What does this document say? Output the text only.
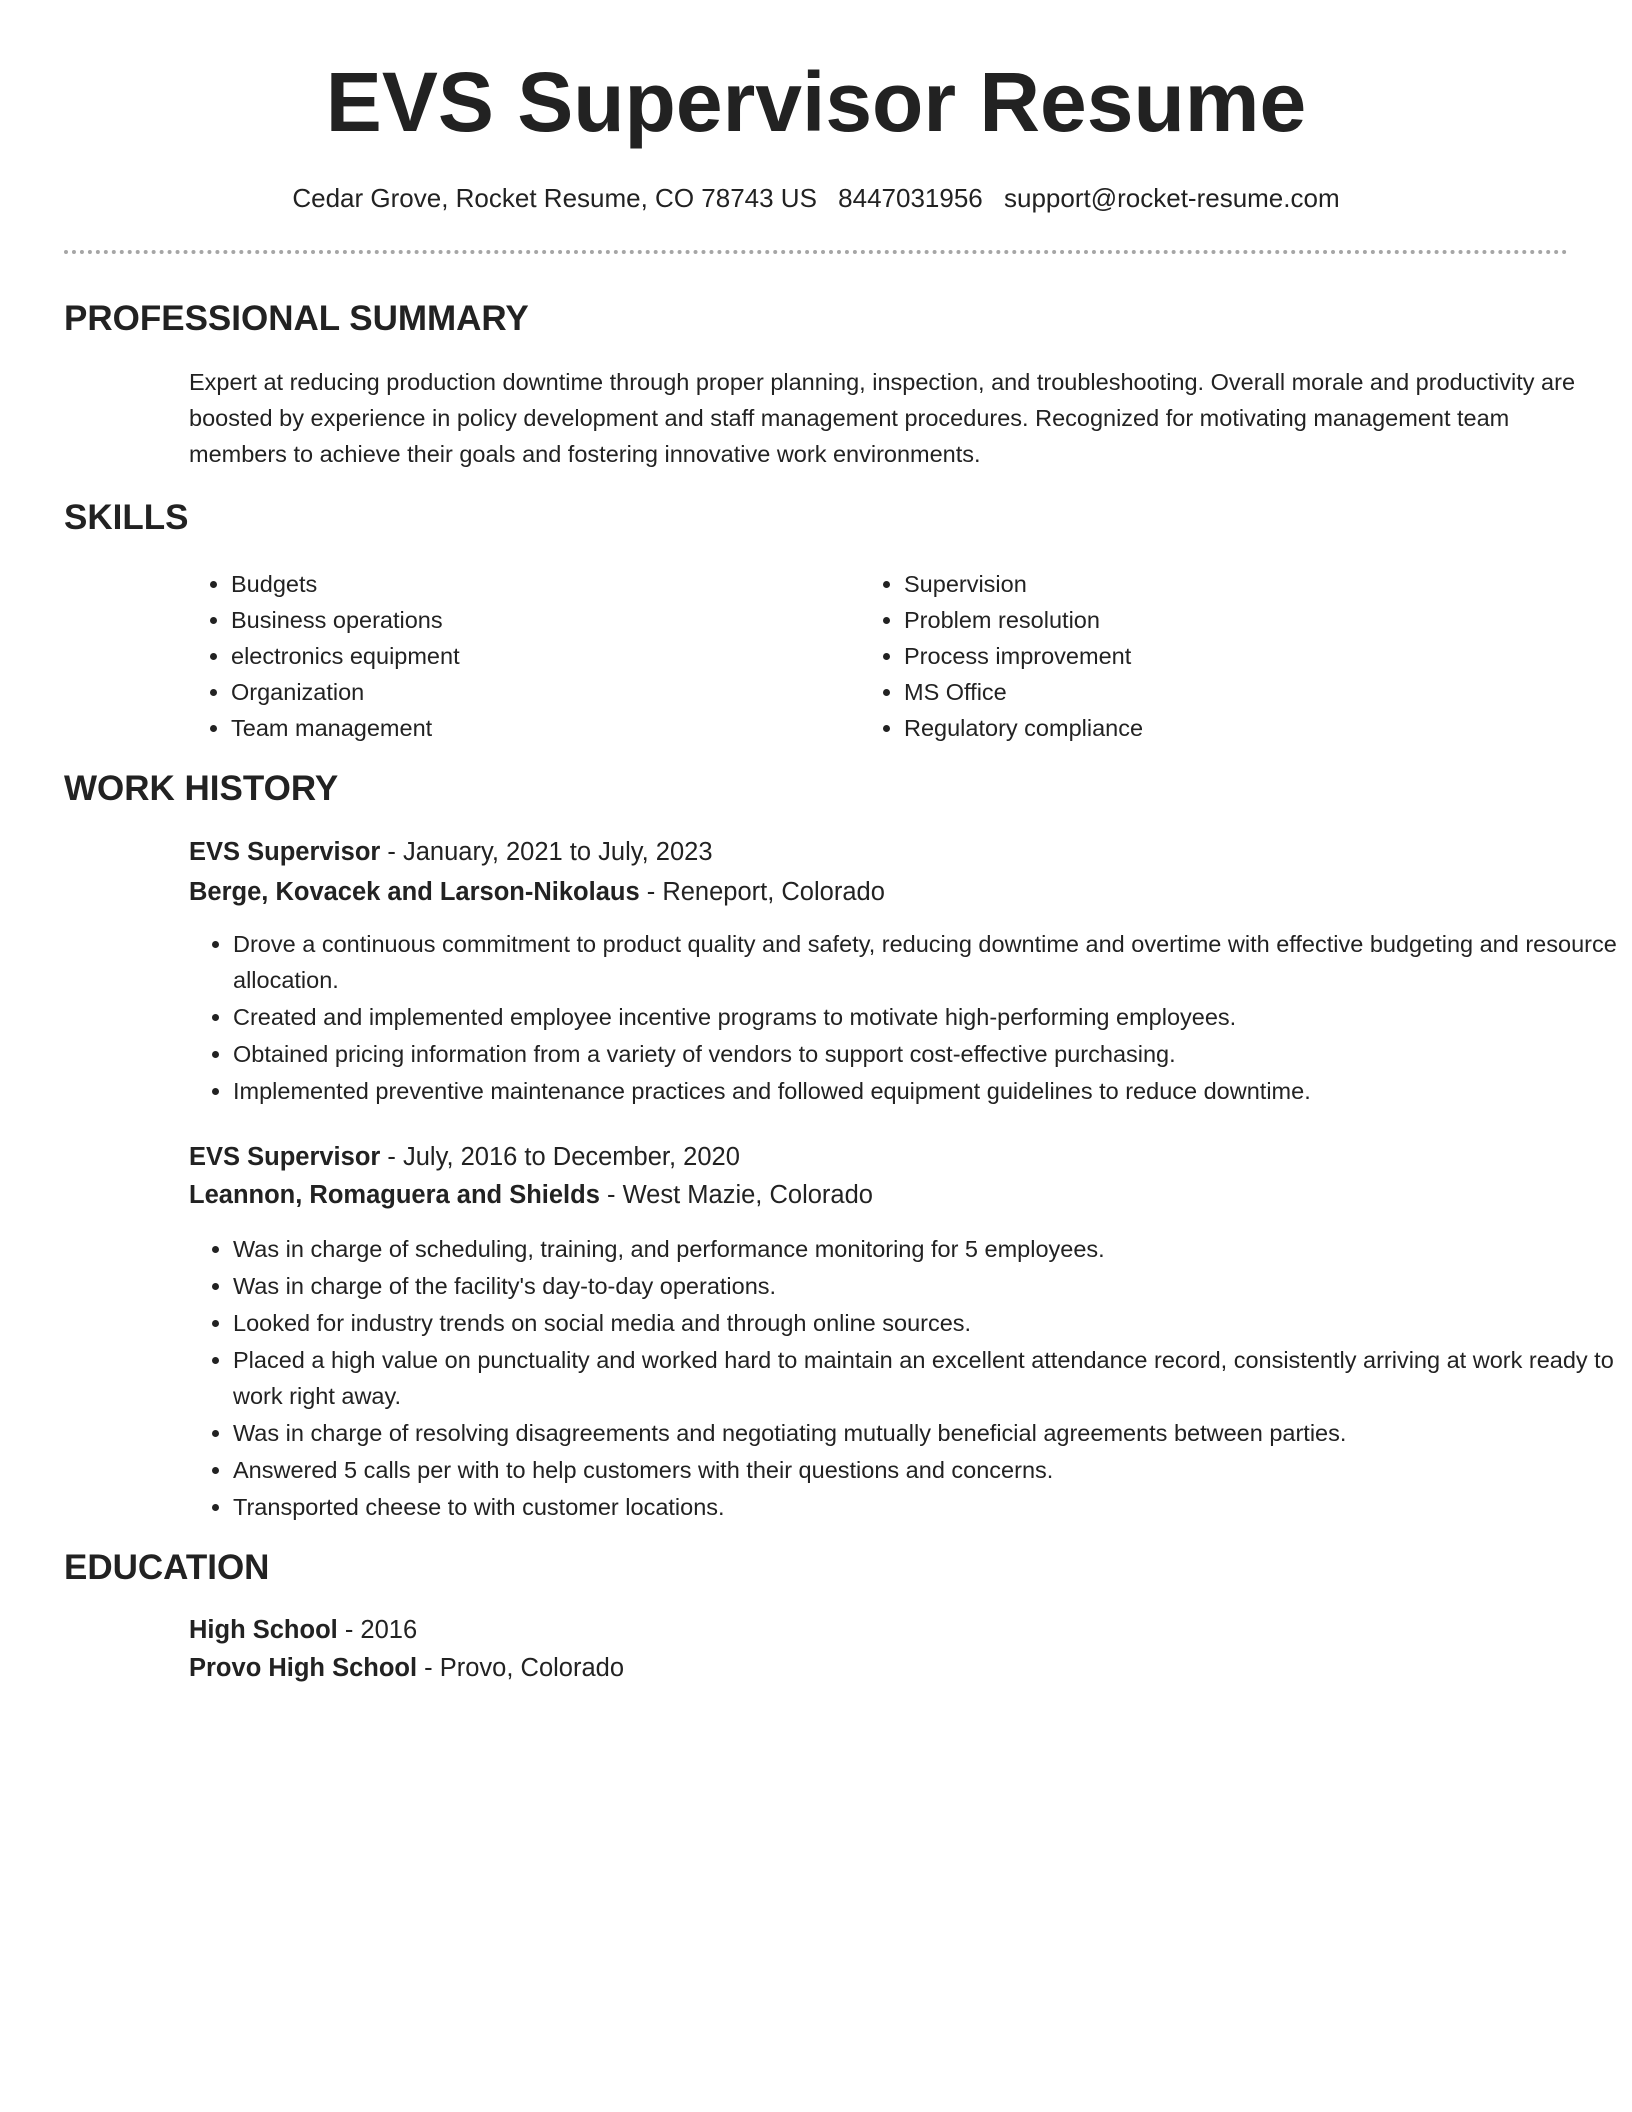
EVS Supervisor Resume
Cedar Grove, Rocket Resume, CO 78743 US 8447031956 support@rocket-resume.com
PROFESSIONAL SUMMARY

Expert at reducing production downtime through proper planning, inspection, and troubleshooting. Overall morale and productivity are boosted by experience in policy development and staff management procedures. Recognized for motivating management team members to achieve their goals and fostering innovative work environments.

SKILLS
• Budgets
• Business operations
• electronics equipment
• Organization
• Team management
• Supervision
• Problem resolution
• Process improvement
• MS Office
• Regulatory compliance
WORK HISTORY
EVS Supervisor - January, 2021 to July, 2023
Berge, Kovacek and Larson-Nikolaus - Reneport, Colorado
• Drove a continuous commitment to product quality and safety, reducing downtime and overtime with effective budgeting and resource allocation.
• Created and implemented employee incentive programs to motivate high-performing employees.
• Obtained pricing information from a variety of vendors to support cost-effective purchasing.
• Implemented preventive maintenance practices and followed equipment guidelines to reduce downtime.
EVS Supervisor - July, 2016 to December, 2020
Leannon, Romaguera and Shields - West Mazie, Colorado
• Was in charge of scheduling, training, and performance monitoring for 5 employees.
• Was in charge of the facility's day-to-day operations.
• Looked for industry trends on social media and through online sources.
• Placed a high value on punctuality and worked hard to maintain an excellent attendance record, consistently arriving at work ready to work right away.
• Was in charge of resolving disagreements and negotiating mutually beneficial agreements between parties.
• Answered 5 calls per with to help customers with their questions and concerns.
• Transported cheese to with customer locations.
EDUCATION
High School - 2016
Provo High School - Provo, Colorado
